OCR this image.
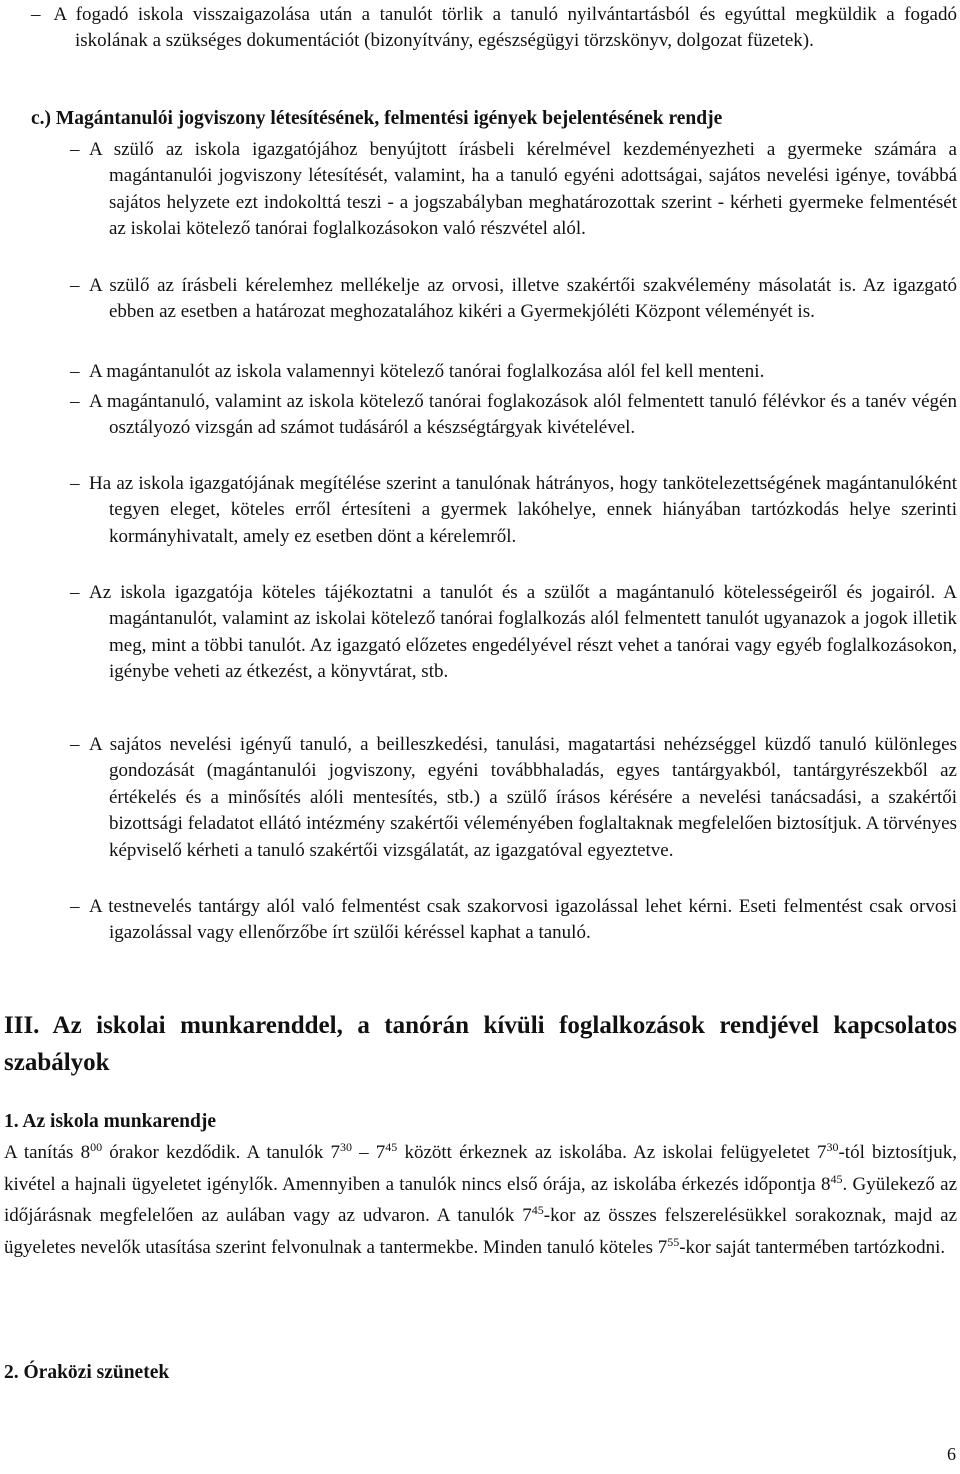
– A fogadó iskola visszaigazolása után a tanulót törlik a tanuló nyilvántartásból és egyúttal megküldik a fogadó iskolának a szükséges dokumentációt (bizonyítvány, egészségügyi törzskönyv, dolgozat füzetek).

c.) Magántanulói jogviszony létesítésének, felmentési igények bejelentésének rendje

– A szülő az iskola igazgatójához benyújtott írásbeli kérelmével kezdeményezheti a gyermeke számára a magántanulói jogviszony létesítését, valamint, ha a tanuló egyéni adottságai, sajátos nevelési igénye, továbbá sajátos helyzete ezt indokolttá teszi - a jogszabályban meghatározottak szerint - kérheti gyermeke felmentését az iskolai kötelező tanórai foglalkozásokon való részvétel alól.

– A szülő az írásbeli kérelemhez mellékelje az orvosi, illetve szakértői szakvélemény másolatát is. Az igazgató ebben az esetben a határozat meghozatalához kikéri a Gyermekjóléti Központ véleményét is.

– A magántanulót az iskola valamennyi kötelező tanórai foglalkozása alól fel kell menteni.

– A magántanuló, valamint az iskola kötelező tanórai foglakozások alól felmentett tanuló félévkor és a tanév végén osztályozó vizsgán ad számot tudásáról a készségtárgyak kivételével.

– Ha az iskola igazgatójának megítélése szerint a tanulónak hátrányos, hogy tankötelezettségének magántanulóként tegyen eleget, köteles erről értesíteni a gyermek lakóhelye, ennek hiányában tartózkodás helye szerinti kormányhivatalt, amely ez esetben dönt a kérelemről.

– Az iskola igazgatója köteles tájékoztatni a tanulót és a szülőt a magántanuló kötelességeiről és jogairól. A magántanulót, valamint az iskolai kötelező tanórai foglalkozás alól felmentett tanulót ugyanazok a jogok illetik meg, mint a többi tanulót. Az igazgató előzetes engedélyével részt vehet a tanórai vagy egyéb foglalkozásokon, igénybe veheti az étkezést, a könyvtárat, stb.

– A sajátos nevelési igényű tanuló, a beilleszkedési, tanulási, magatartási nehézséggel küzdő tanuló különleges gondozását (magántanulói jogviszony, egyéni továbbhaladás, egyes tantárgyakból, tantárgyrészekből az értékelés és a minősítés alóli mentesítés, stb.) a szülő írásos kérésére a nevelési tanácsadási, a szakértői bizottsági feladatot ellátó intézmény szakértői véleményében foglaltaknak megfelelően biztosítjuk. A törvényes képviselő kérheti a tanuló szakértői vizsgálatát, az igazgatóval egyeztetve.

– A testnevelés tantárgy alól való felmentést csak szakorvosi igazolással lehet kérni. Eseti felmentést csak orvosi igazolással vagy ellenőrzőbe írt szülői kéréssel kaphat a tanuló.

III. Az iskolai munkarenddel, a tanórán kívüli foglalkozások rendjével kapcsolatos szabályok
1. Az iskola munkarendje

A tanítás $8^{00}$ órakor kezdődik. A tanulók $7^{30} - 7^{45}$ között érkeznek az iskolába. Az iskolai felügyeletet $7^{30}$-tól biztosítjuk, kivétel a hajnali ügyeletet igénylők. Amennyiben a tanulók nincs első órája, az iskolába érkezés időpontja $8^{45}$. Gyülekező az időjárásnak megfelelően az aulában vagy az udvaron. A tanulók $7^{45}$-kor az összes felszerelésükkel sorakoznak, majd az ügyeletes nevelők utasítása szerint felvonulnak a tantermekbe. Minden tanuló köteles $7^{55}$-kor saját tantermében tartózkodni.

2. Óraközi szünetek

6
